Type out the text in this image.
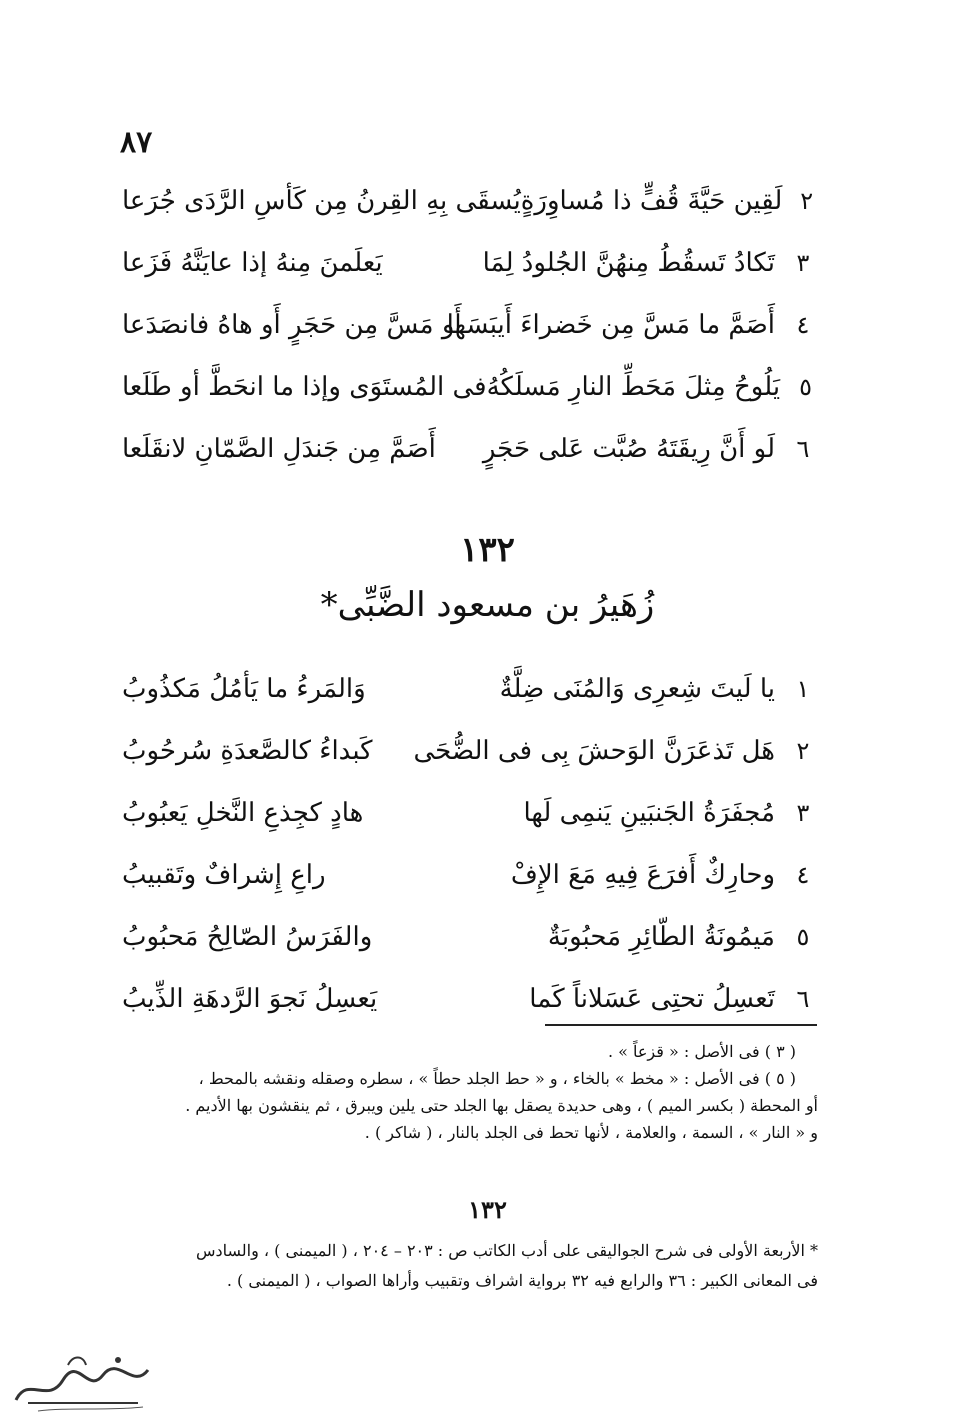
٨٧
٢
لَقِين حَيَّةَ قُفٍّ ذا مُساوِرَةٍ
يُسقَى بِهِ القِرنُ مِن كَأسِ الرَّدَى جُرَعا
٣
تَكادُ تَسقُطُ مِنهُنَّ الجُلودُ لِمَا
يَعلَمنَ مِنهُ إذا عايَنَّهُ فَزَعا
٤
أَصَمَّ ما مَسَّ مِن خَضراءَ أَيبَسَها
أَو مَسَّ مِن حَجَرٍ أَو هاهُ فانصَدَعا
٥
يَلُوحُ مِثلَ مَحَطِّ النارِ مَسلَكُهُ
فى المُستَوَى وإذا ما انحَطَّ أو طَلَعا
٦
لَو أَنَّ رِيقَتَهُ صُبَّت عَلى حَجَرٍ
أَصَمَّ مِن جَندَلِ الصَّمّانِ لانقَلَعا
١٣٢
زُهَيرُ بن مسعود الضَّبِّى*
١
يا لَيتَ شِعرِى وَالمُنَى ضِلَّةٌ
وَالمَرءُ ما يَأمُلُ مَكذُوبُ
٢
هَل تَذعَرَنَّ الوَحشَ بِى فى الضُّحَى
كَبداءُ كالصَّعدَةِ سُرحُوبُ
٣
مُجفَرَةُ الجَنبَينِ يَنمِى لَها
هادٍ كجِذعِ النَّخلِ يَعبُوبُ
٤
وحارِكٌ أَفرَعَ فِيهِ مَعَ الإِفْ
راعِ إِشرافٌ وتَقبيبُ
٥
مَيمُونَةُ الطّائِرِ مَحبُوبَةٌ
والفَرَسُ الصّالِحُ مَحبُوبُ
٦
تَعسِلُ تحتِى عَسَلاناً كَما
يَعسِلُ نَجوَ الرَّدهَةِ الذِّيبُ

( ٣ ) فى الأصل : « قزعاً » .

( ٥ ) فى الأصل : « مخط » بالخاء ، و « حط الجلد حطاً » ، سطره وصقله ونقشه بالمحط ،

أو المحطة ( بكسر الميم ) ، وهى حديدة يصقل بها الجلد حتى يلين ويبرق ، ثم ينقشون بها الأديم .

و « النار » ، السمة ، والعلامة ، لأنها تحط فى الجلد بالنار ، ( شاكر ) .

١٣٢

* الأربعة الأولى فى شرح الجواليقى على أدب الكاتب ص : ٢٠٣ – ٢٠٤ ، ( الميمنى ) ، والسادس

فى المعانى الكبير : ٣٦ والرابع فيه ٣٢ برواية اشراف وتقبيب وأراها الصواب ، ( الميمنى ) .
